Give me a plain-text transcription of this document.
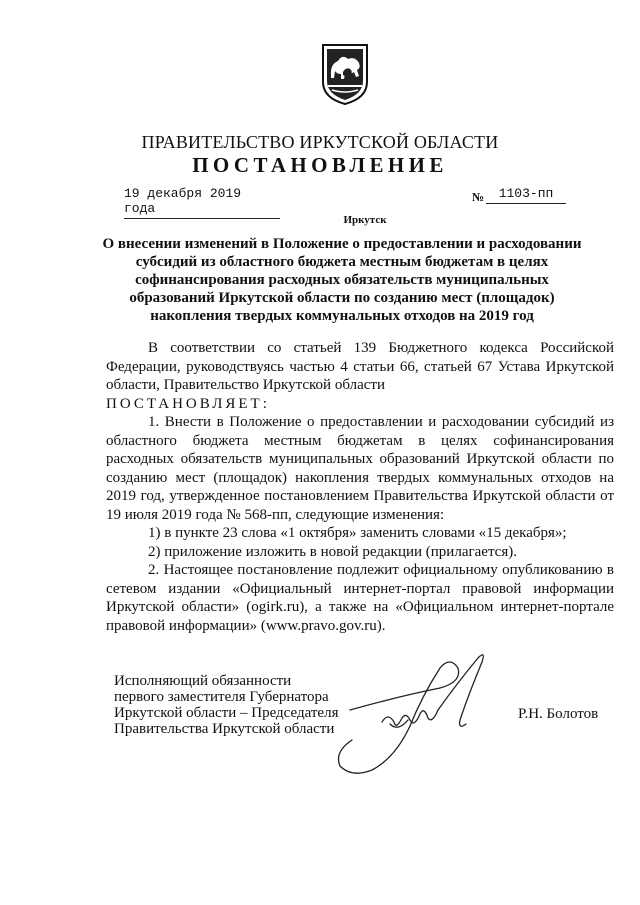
ПРАВИТЕЛЬСТВО ИРКУТСКОЙ ОБЛАСТИ
ПОСТАНОВЛЕНИЕ
19 декабря 2019 года
№	1103-пп
Иркутск
О внесении изменений в Положение о предоставлении и расходовании
субсидий из областного бюджета местным бюджетам в целях
софинансирования расходных обязательств муниципальных
образований Иркутской области по созданию мест (площадок)
накопления твердых коммунальных отходов на 2019 год

В соответствии со статьей 139 Бюджетного кодекса Российской Федерации, руководствуясь частью 4 статьи 66, статьей 67 Устава Иркутской области, Правительство Иркутской области

ПОСТАНОВЛЯЕТ:

1. Внести в Положение о предоставлении и расходовании субсидий из областного бюджета местным бюджетам в целях софинансирования расходных обязательств муниципальных образований Иркутской области по созданию мест (площадок) накопления твердых коммунальных отходов на 2019 год, утвержденное постановлением Правительства Иркутской области от 19 июля 2019 года № 568-пп, следующие изменения:

1) в пункте 23 слова «1 октября» заменить словами «15 декабря»;

2) приложение изложить в новой редакции (прилагается).

2. Настоящее постановление подлежит официальному опубликованию в сетевом издании «Официальный интернет-портал правовой информации Иркутской области» (ogirk.ru), а также на «Официальном интернет-портале правовой информации» (www.pravo.gov.ru).

Исполняющий обязанности
первого заместителя Губернатора
Иркутской области – Председателя
Правительства Иркутской области
Р.Н. Болотов
